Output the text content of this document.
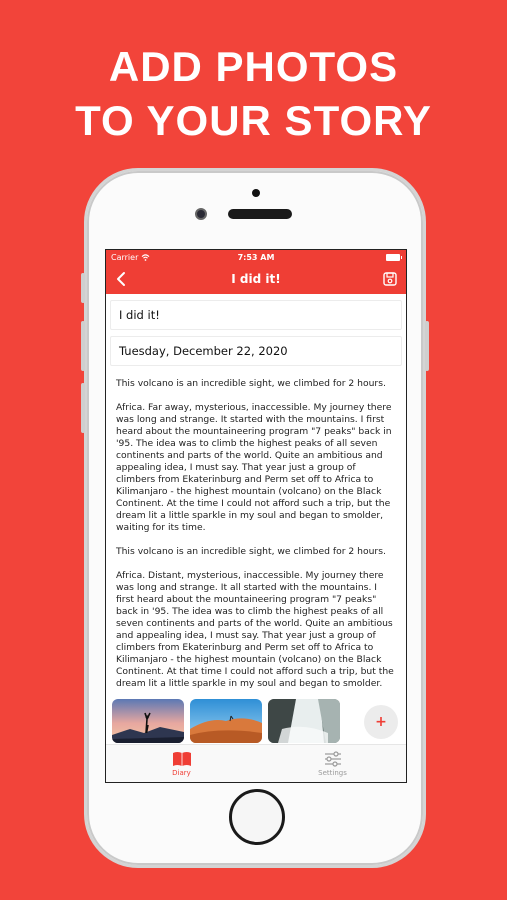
ADD PHOTOS
TO YOUR STORY
Carrier	7:53 AM
I did it!
I did it!
Tuesday, December 22, 2020

This volcano is an incredible sight, we climbed for 2 hours.

Africa. Far away, mysterious, inaccessible. My journey there was long and strange. It started with the mountains. I first heard about the mountaineering program "7 peaks" back in '95. The idea was to climb the highest peaks of all seven continents and parts of the world. Quite an ambitious and appealing idea, I must say. That year just a group of climbers from Ekaterinburg and Perm set off to Africa to Kilimanjaro - the highest mountain (volcano) on the Black Continent. At the time I could not afford such a trip, but the dream lit a little sparkle in my soul and began to smolder, waiting for its time.

This volcano is an incredible sight, we climbed for 2 hours.

Africa. Distant, mysterious, inaccessible. My journey there was long and strange. It all started with the mountains. I first heard about the mountaineering program "7 peaks" back in '95. The idea was to climb the highest peaks of all seven continents and parts of the world. Quite an ambitious and appealing idea, I must say. That year just a group of climbers from Ekaterinburg and Perm set off to Africa to Kilimanjaro - the highest mountain (volcano) on the Black Continent. At that time I could not afford such a trip, but the dream lit a little sparkle in my soul and began to smolder.

+
Diary	Settings
